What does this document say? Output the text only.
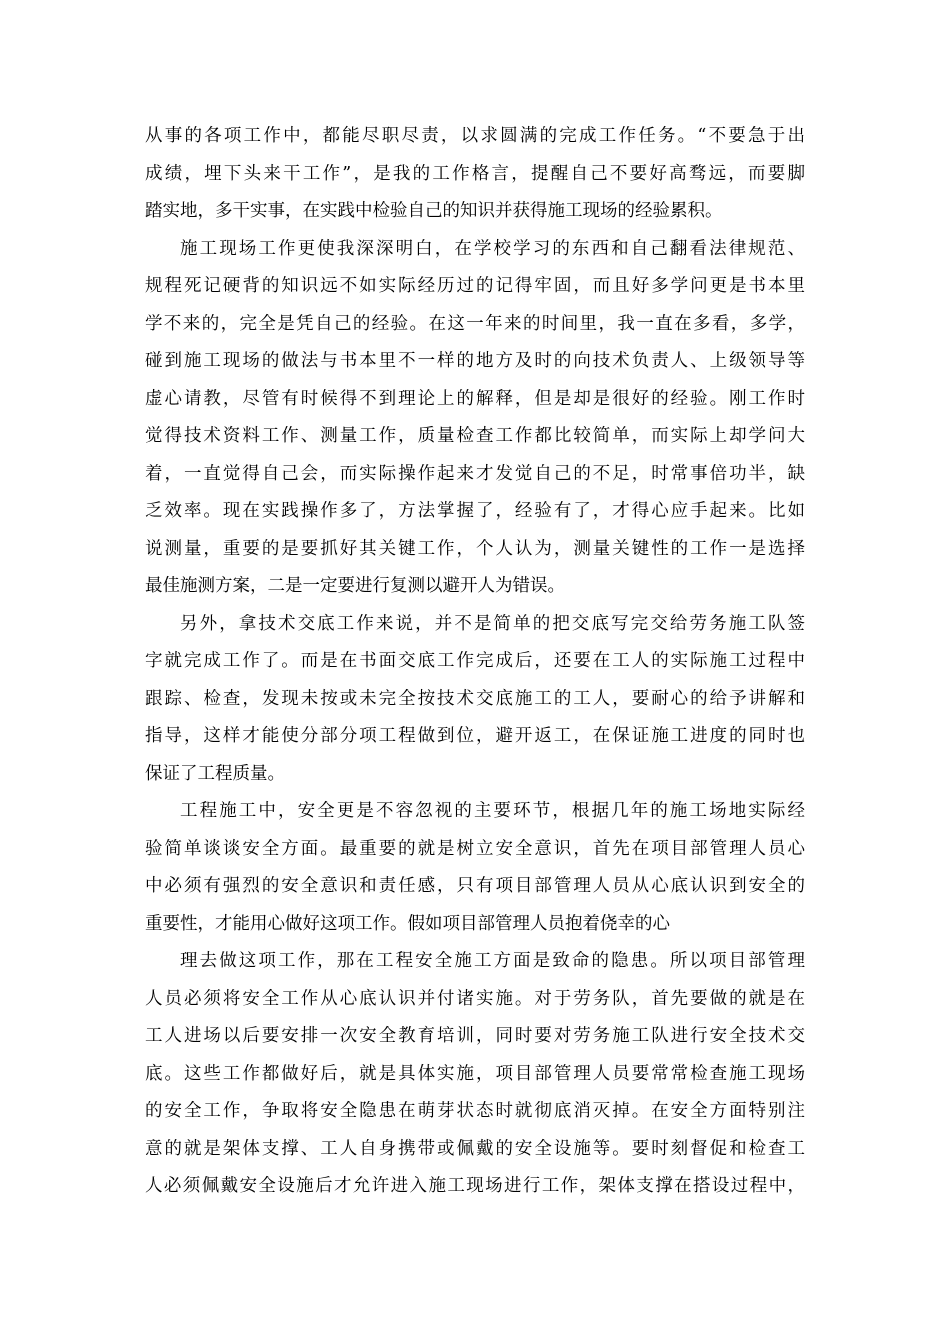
从事的各项工作中，都能尽职尽责，以求圆满的完成工作任务。“不要急于出
成绩，埋下头来干工作”，是我的工作格言，提醒自己不要好高骛远，而要脚
踏实地，多干实事，在实践中检验自己的知识并获得施工现场的经验累积。
施工现场工作更使我深深明白，在学校学习的东西和自己翻看法律规范、
规程死记硬背的知识远不如实际经历过的记得牢固，而且好多学问更是书本里
学不来的，完全是凭自己的经验。在这一年来的时间里，我一直在多看，多学，
碰到施工现场的做法与书本里不一样的地方及时的向技术负责人、上级领导等
虚心请教，尽管有时候得不到理论上的解释，但是却是很好的经验。刚工作时
觉得技术资料工作、测量工作，质量检查工作都比较简单，而实际上却学问大
着，一直觉得自己会，而实际操作起来才发觉自己的不足，时常事倍功半，缺
乏效率。现在实践操作多了，方法掌握了，经验有了，才得心应手起来。比如
说测量，重要的是要抓好其关键工作，个人认为，测量关键性的工作一是选择
最佳施测方案，二是一定要进行复测以避开人为错误。
另外，拿技术交底工作来说，并不是简单的把交底写完交给劳务施工队签
字就完成工作了。而是在书面交底工作完成后，还要在工人的实际施工过程中
跟踪、检查，发现未按或未完全按技术交底施工的工人，要耐心的给予讲解和
指导，这样才能使分部分项工程做到位，避开返工，在保证施工进度的同时也
保证了工程质量。
工程施工中，安全更是不容忽视的主要环节，根据几年的施工场地实际经
验简单谈谈安全方面。最重要的就是树立安全意识，首先在项目部管理人员心
中必须有强烈的安全意识和责任感，只有项目部管理人员从心底认识到安全的
重要性，才能用心做好这项工作。假如项目部管理人员抱着侥幸的心
理去做这项工作，那在工程安全施工方面是致命的隐患。所以项目部管理
人员必须将安全工作从心底认识并付诸实施。对于劳务队，首先要做的就是在
工人进场以后要安排一次安全教育培训，同时要对劳务施工队进行安全技术交
底。这些工作都做好后，就是具体实施，项目部管理人员要常常检查施工现场
的安全工作，争取将安全隐患在萌芽状态时就彻底消灭掉。在安全方面特别注
意的就是架体支撑、工人自身携带或佩戴的安全设施等。要时刻督促和检查工
人必须佩戴安全设施后才允许进入施工现场进行工作，架体支撑在搭设过程中，
